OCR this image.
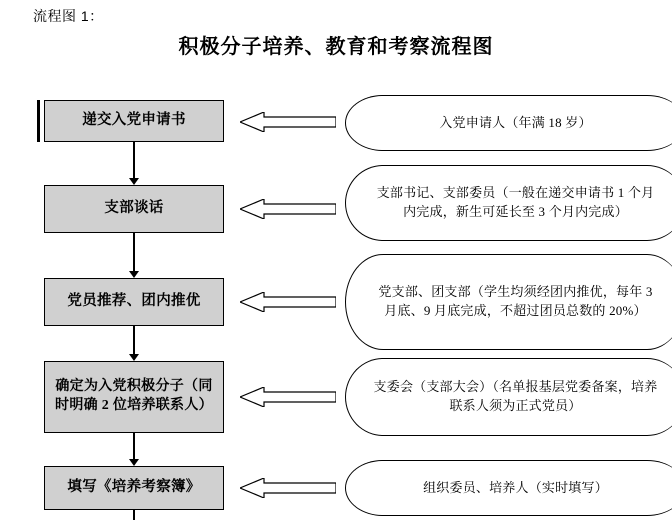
流程图 1：
积极分子培养、教育和考察流程图
递交入党申请书
支部谈话
党员推荐、团内推优
确定为入党积极分子（同时明确 2 位培养联系人）
填写《培养考察簿》
入党申请人（年满 18 岁）
支部书记、支部委员（一般在递交申请书 1 个月内完成，新生可延长至 3 个月内完成）
党支部、团支部（学生均须经团内推优，每年 3 月底、9 月底完成，不超过团员总数的 20%）
支委会（支部大会）（名单报基层党委备案，培养联系人须为正式党员）
组织委员、培养人（实时填写）
